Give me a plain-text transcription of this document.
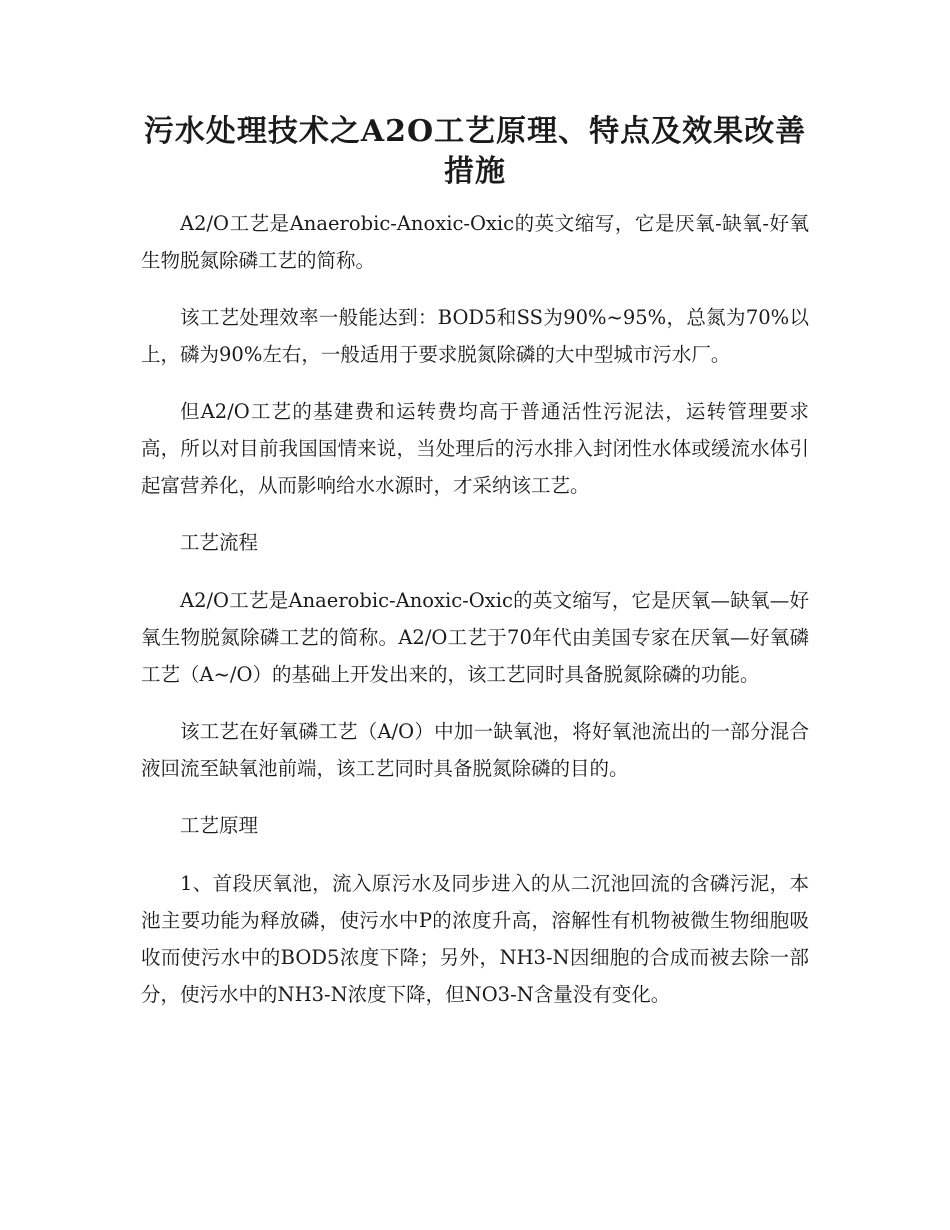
污水处理技术之A2O工艺原理、特点及效果改善措施

A2/O工艺是Anaerobic-Anoxic-Oxic的英文缩写，它是厌氧-缺氧-好氧生物脱氮除磷工艺的简称。

该工艺处理效率一般能达到：BOD5和SS为90%~95%，总氮为70%以上，磷为90%左右，一般适用于要求脱氮除磷的大中型城市污水厂。

但A2/O工艺的基建费和运转费均高于普通活性污泥法，运转管理要求高，所以对目前我国国情来说，当处理后的污水排入封闭性水体或缓流水体引起富营养化，从而影响给水水源时，才采纳该工艺。

工艺流程

A2/O工艺是Anaerobic-Anoxic-Oxic的英文缩写，它是厌氧—缺氧—好氧生物脱氮除磷工艺的简称。A2/O工艺于70年代由美国专家在厌氧—好氧磷工艺（A~/O）的基础上开发出来的，该工艺同时具备脱氮除磷的功能。

该工艺在好氧磷工艺（A/O）中加一缺氧池，将好氧池流出的一部分混合液回流至缺氧池前端，该工艺同时具备脱氮除磷的目的。

工艺原理

1、首段厌氧池，流入原污水及同步进入的从二沉池回流的含磷污泥，本池主要功能为释放磷，使污水中P的浓度升高，溶解性有机物被微生物细胞吸收而使污水中的BOD5浓度下降；另外，NH3-N因细胞的合成而被去除一部分，使污水中的NH3-N浓度下降，但NO3-N含量没有变化。
